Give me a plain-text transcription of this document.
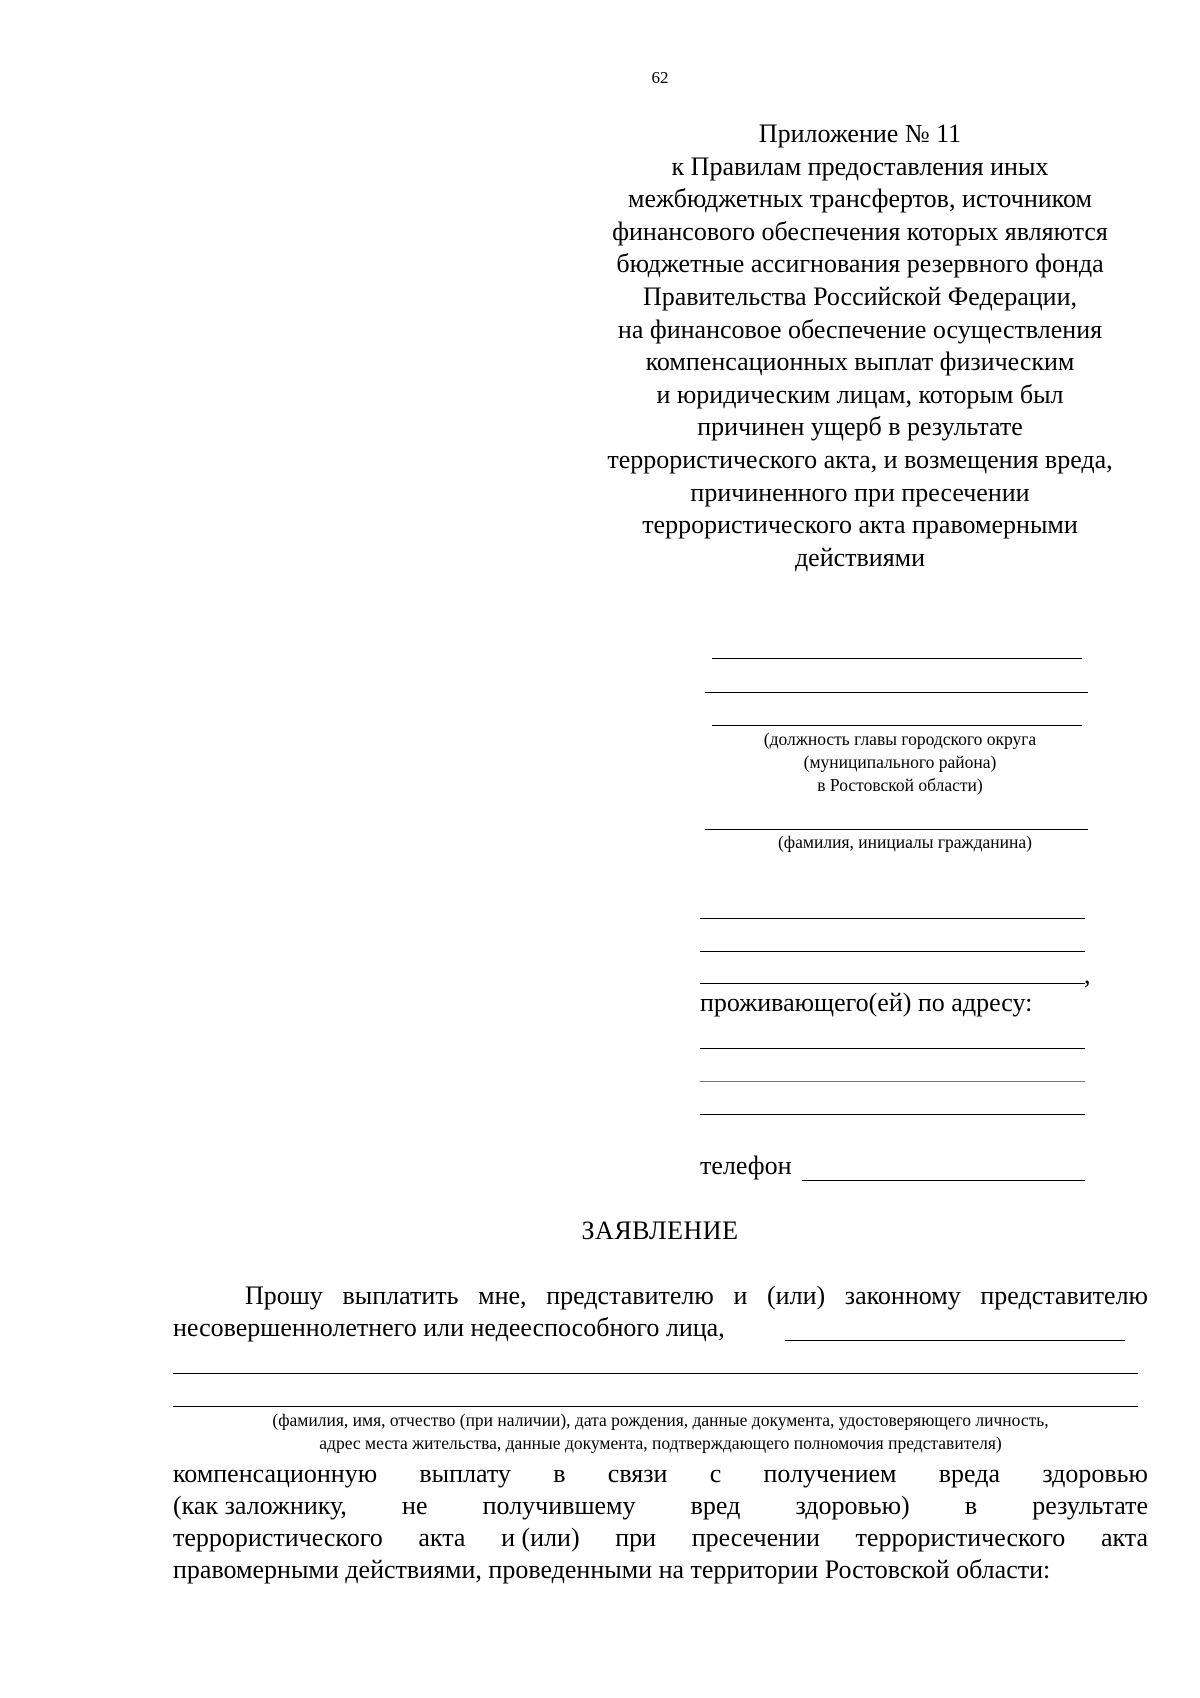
62
Приложение № 11
к Правилам предоставления иных
межбюджетных трансфертов, источником
финансового обеспечения которых являются
бюджетные ассигнования резервного фонда
Правительства Российской Федерации,
на финансовое обеспечение осуществления
компенсационных выплат физическим
и юридическим лицам, которым был
причинен ущерб в результате
террористического акта, и возмещения вреда,
причиненного при пресечении
террористического акта правомерными
действиями
(должность главы городского округа
(муниципального района)
в Ростовской области)
(фамилия, инициалы гражданина)
,
проживающего(ей) по адресу:
телефон
ЗАЯВЛЕНИЕ
Прошу выплатить мне, представителю и (или) законному представителю
несовершеннолетнего или недееспособного лица,
(фамилия, имя, отчество (при наличии), дата рождения, данные документа, удостоверяющего личность,
адрес места жительства, данные документа, подтверждающего полномочия представителя)
компенсационную выплату в связи с получением вреда здоровью
(как заложнику, не получившему вред здоровью) в результате
террористического акта и (или) при пресечении террористического акта
правомерными действиями, проведенными на территории Ростовской области:
